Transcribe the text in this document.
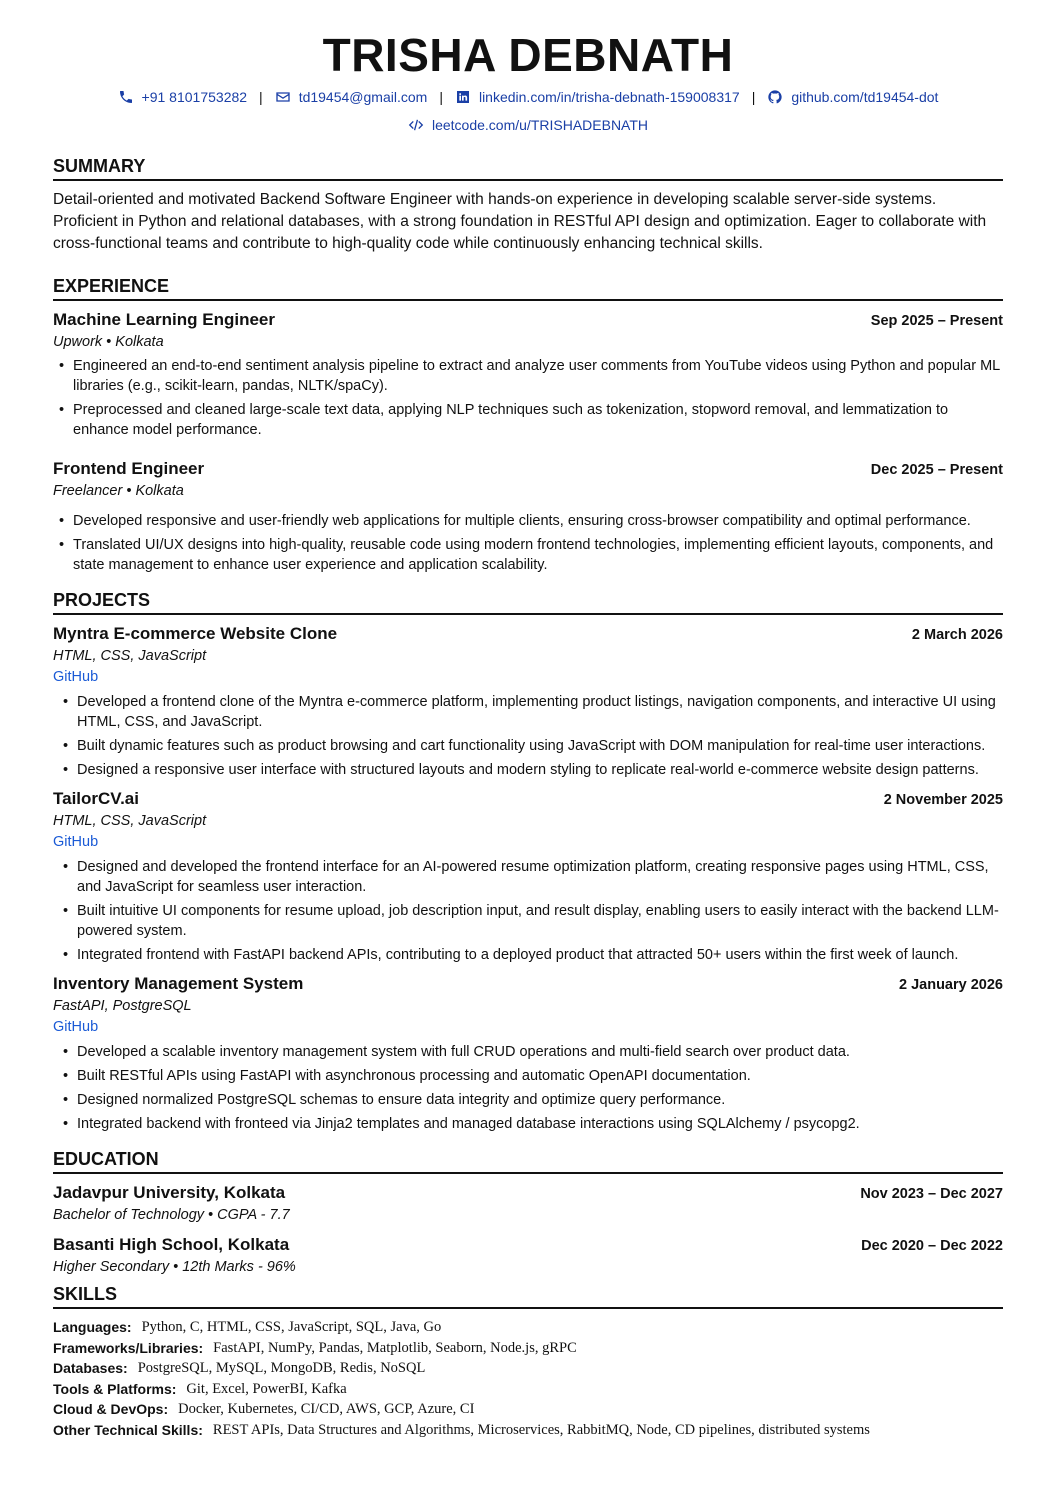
TRISHA DEBNATH
+91 8101753282 |	td19454@gmail.com |	linkedin.com/in/trisha-debnath-159008317 |	github.com/td19454-dot
leetcode.com/u/TRISHADEBNATH
SUMMARY

Detail-oriented and motivated Backend Software Engineer with hands-on experience in developing scalable server-side systems. Proficient in Python and relational databases, with a strong foundation in RESTful API design and optimization. Eager to collaborate with cross-functional teams and contribute to high-quality code while continuously enhancing technical skills.

EXPERIENCE
Machine Learning Engineer	Sep 2025 – Present
Upwork • Kolkata
• Engineered an end-to-end sentiment analysis pipeline to extract and analyze user comments from YouTube videos using Python and popular ML libraries (e.g., scikit-learn, pandas, NLTK/spaCy).
• Preprocessed and cleaned large-scale text data, applying NLP techniques such as tokenization, stopword removal, and lemmatization to enhance model performance.
Frontend Engineer	Dec 2025 – Present
Freelancer • Kolkata
• Developed responsive and user-friendly web applications for multiple clients, ensuring cross-browser compatibility and optimal performance.
• Translated UI/UX designs into high-quality, reusable code using modern frontend technologies, implementing efficient layouts, components, and state management to enhance user experience and application scalability.
PROJECTS
Myntra E-commerce Website Clone	2 March 2026
HTML, CSS, JavaScript
GitHub
• Developed a frontend clone of the Myntra e-commerce platform, implementing product listings, navigation components, and interactive UI using HTML, CSS, and JavaScript.
• Built dynamic features such as product browsing and cart functionality using JavaScript with DOM manipulation for real-time user interactions.
• Designed a responsive user interface with structured layouts and modern styling to replicate real-world e-commerce website design patterns.
TailorCV.ai	2 November 2025
HTML, CSS, JavaScript
GitHub
• Designed and developed the frontend interface for an AI-powered resume optimization platform, creating responsive pages using HTML, CSS, and JavaScript for seamless user interaction.
• Built intuitive UI components for resume upload, job description input, and result display, enabling users to easily interact with the backend LLM-powered system.
• Integrated frontend with FastAPI backend APIs, contributing to a deployed product that attracted 50+ users within the first week of launch.
Inventory Management System	2 January 2026
FastAPI, PostgreSQL
GitHub
• Developed a scalable inventory management system with full CRUD operations and multi-field search over product data.
• Built RESTful APIs using FastAPI with asynchronous processing and automatic OpenAPI documentation.
• Designed normalized PostgreSQL schemas to ensure data integrity and optimize query performance.
• Integrated backend with fronteed via Jinja2 templates and managed database interactions using SQLAlchemy / psycopg2.
EDUCATION
Jadavpur University, Kolkata	Nov 2023 – Dec 2027
Bachelor of Technology • CGPA - 7.7
Basanti High School, Kolkata	Dec 2020 – Dec 2022
Higher Secondary • 12th Marks - 96%
SKILLS
Languages: Python, C, HTML, CSS, JavaScript, SQL, Java, Go
Frameworks/Libraries: FastAPI, NumPy, Pandas, Matplotlib, Seaborn, Node.js, gRPC
Databases: PostgreSQL, MySQL, MongoDB, Redis, NoSQL
Tools & Platforms: Git, Excel, PowerBI, Kafka
Cloud & DevOps: Docker, Kubernetes, CI/CD, AWS, GCP, Azure, CI
Other Technical Skills: REST APIs, Data Structures and Algorithms, Microservices, RabbitMQ, Node, CD pipelines, distributed systems
